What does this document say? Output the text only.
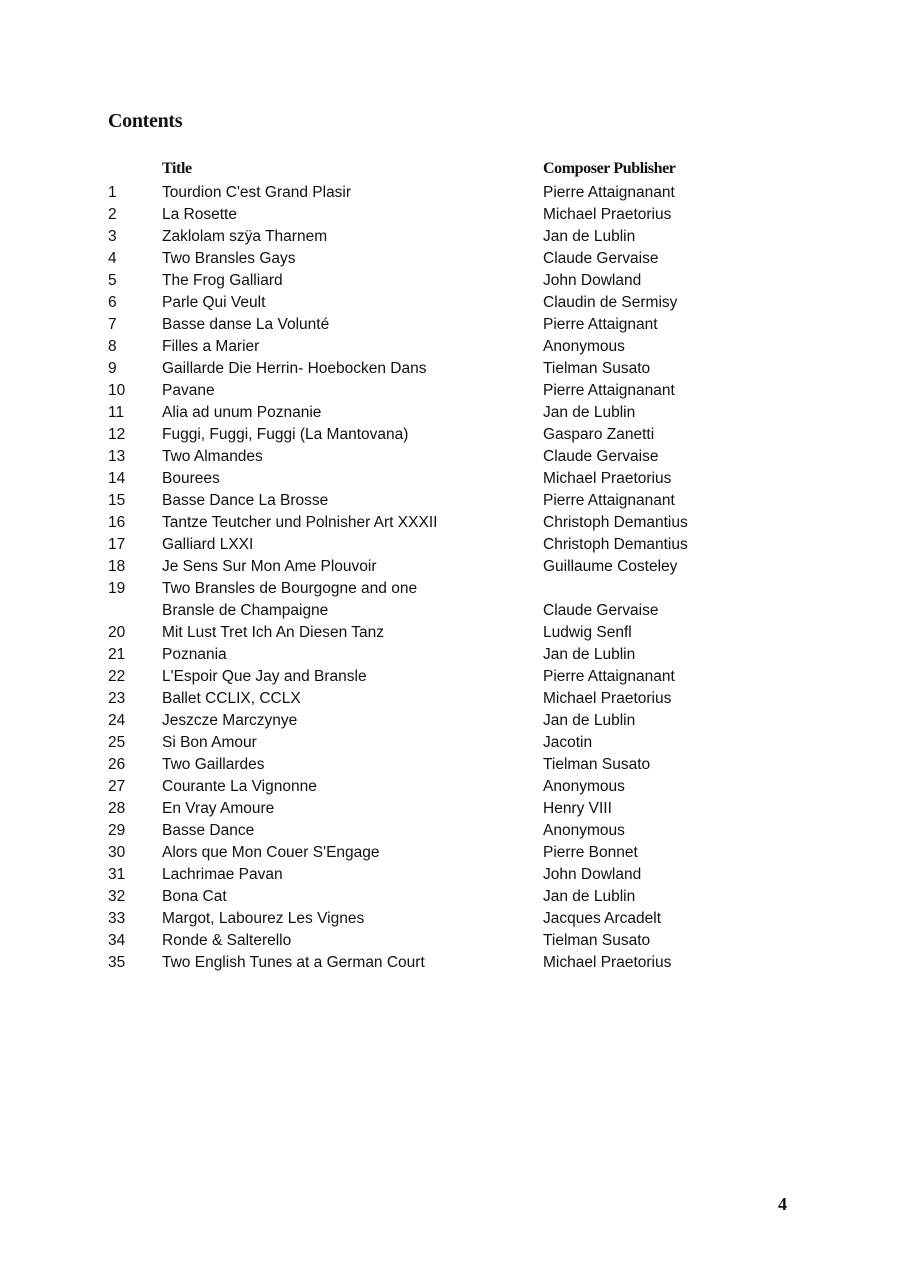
Contents
Title	Composer Publisher
1	Tourdion C'est Grand Plasir	Pierre Attaignanant
2	La Rosette	Michael Praetorius
3	Zaklolam szÿa Tharnem	Jan de Lublin
4	Two Bransles Gays	Claude Gervaise
5	The Frog Galliard	John Dowland
6	Parle Qui Veult	Claudin de Sermisy
7	Basse danse La Volunté	Pierre Attaignant
8	Filles a Marier	Anonymous
9	Gaillarde Die Herrin- Hoebocken Dans	Tielman Susato
10 Pavane	Pierre Attaignanant
11 Alia ad unum Poznanie	Jan de Lublin
12 Fuggi, Fuggi, Fuggi (La Mantovana)	Gasparo Zanetti
13 Two Almandes	Claude Gervaise
14 Bourees	Michael Praetorius
15 Basse Dance La Brosse	Pierre Attaignanant
16 Tantze Teutcher und Polnisher Art XXXII	Christoph Demantius
17 Galliard LXXI	Christoph Demantius
18 Je Sens Sur Mon Ame Plouvoir	Guillaume Costeley
19 Two Bransles de Bourgogne and one
Bransle de Champaigne	Claude Gervaise
20 Mit Lust Tret Ich An Diesen Tanz	Ludwig Senfl
21 Poznania	Jan de Lublin
22 L'Espoir Que Jay and Bransle	Pierre Attaignanant
23 Ballet CCLIX, CCLX	Michael Praetorius
24 Jeszcze Marczynye	Jan de Lublin
25 Si Bon Amour	Jacotin
26 Two Gaillardes	Tielman Susato
27 Courante La Vignonne	Anonymous
28 En Vray Amoure	Henry VIII
29 Basse Dance	Anonymous
30 Alors que Mon Couer S'Engage	Pierre Bonnet
31 Lachrimae Pavan	John Dowland
32 Bona Cat	Jan de Lublin
33 Margot, Labourez Les Vignes	Jacques Arcadelt
34 Ronde & Salterello	Tielman Susato
35 Two English Tunes at a German Court	Michael Praetorius
4
